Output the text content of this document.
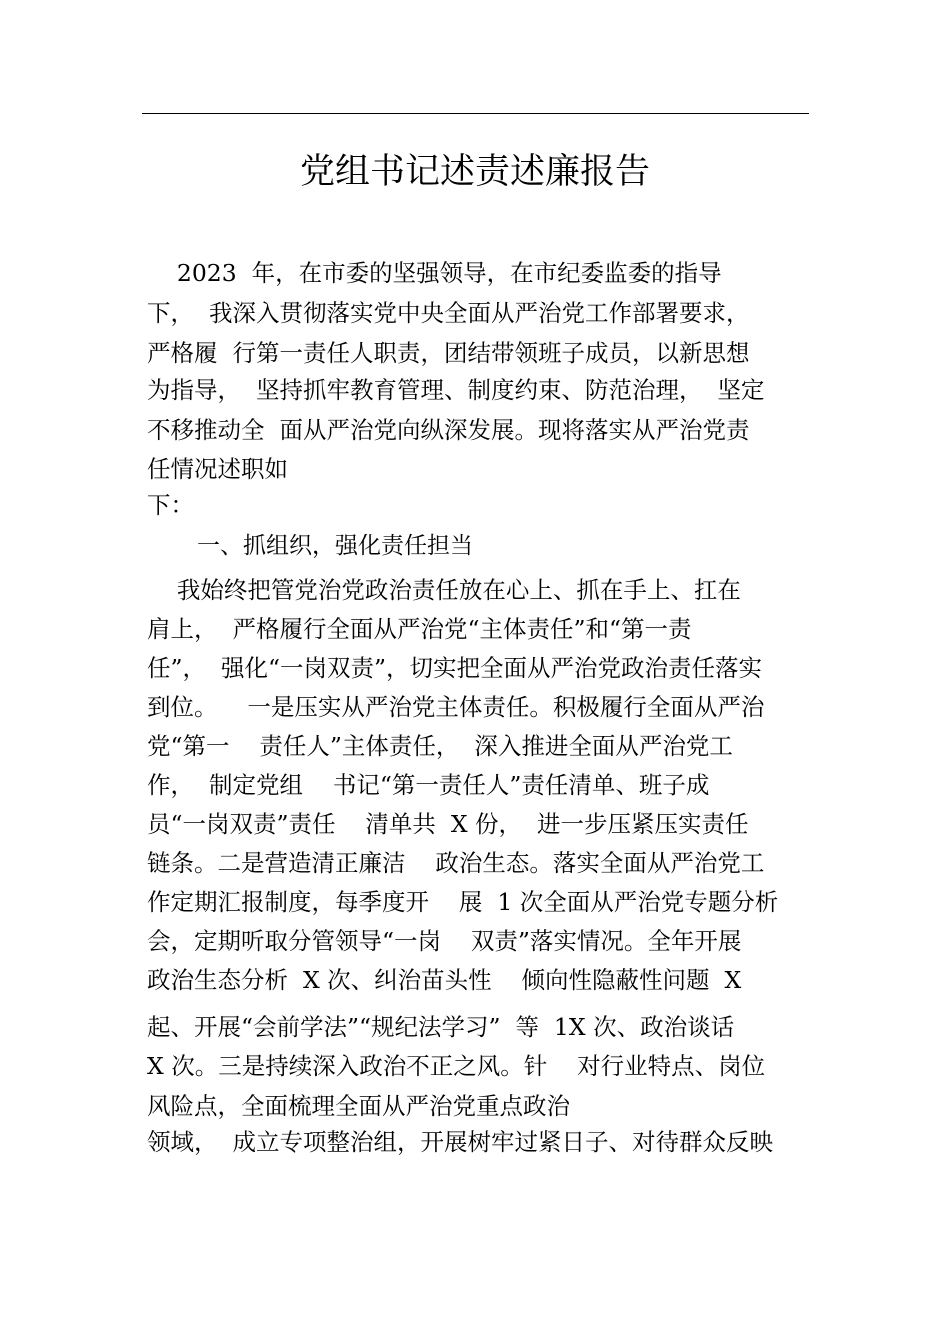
党组书记述责述廉报告
2023  年，在市委的坚强领导，在市纪委监委的指导
下，  我深入贯彻落实党中央全面从严治党工作部署要求，
严格履  行第一责任人职责，团结带领班子成员，以新思想
为指导，  坚持抓牢教育管理、制度约束、防范治理，  坚定
不移推动全  面从严治党向纵深发展。现将落实从严治党责
任情况述职如
下：
一、抓组织，强化责任担当
我始终把管党治党政治责任放在心上、抓在手上、扛在
肩上，  严格履行全面从严治党“主体责任”和“第一责
任”，  强化“一岗双责”，切实把全面从严治党政治责任落实
到位。    一是压实从严治党主体责任。积极履行全面从严治
党“第一    责任人”主体责任，  深入推进全面从严治党工
作，  制定党组    书记“第一责任人”责任清单、班子成
员“一岗双责”责任    清单共  X 份，  进一步压紧压实责任
链条。二是营造清正廉洁    政治生态。落实全面从严治党工
作定期汇报制度，每季度开    展  1 次全面从严治党专题分析
会，定期听取分管领导“一岗    双责”落实情况。全年开展
政治生态分析  X 次、纠治苗头性    倾向性隐蔽性问题  X
起、开展“会前学法”“规纪法学习”  等  1X 次、政治谈话
X 次。三是持续深入政治不正之风。针    对行业特点、岗位
风险点，全面梳理全面从严治党重点政治
领域，  成立专项整治组，开展树牢过紧日子、对待群众反映
